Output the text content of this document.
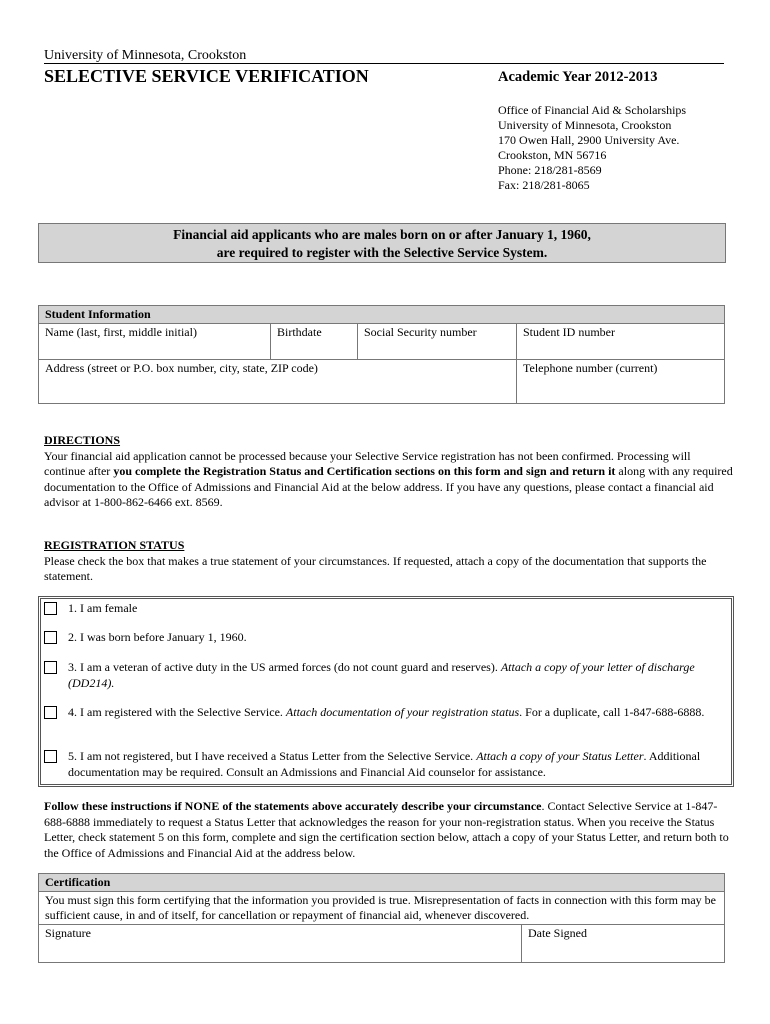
University of Minnesota, Crookston
SELECTIVE SERVICE VERIFICATION	Academic Year 2012-2013
Office of Financial Aid & Scholarships
University of Minnesota, Crookston
170 Owen Hall, 2900 University Ave.
Crookston, MN 56716
Phone: 218/281-8569
Fax: 218/281-8065
Financial aid applicants who are males born on or after January 1, 1960,
are required to register with the Selective Service System.
Student Information			
Name (last, first, middle initial)	Birthdate	Social Security number	Student ID number
Address (street or P.O. box number, city, state, ZIP code)			Telephone number (current)
DIRECTIONS
Your financial aid application cannot be processed because your Selective Service registration has not been confirmed. Processing will continue after you complete the Registration Status and Certification sections on this form and sign and return it along with any required documentation to the Office of Admissions and Financial Aid at the below address. If you have any questions, please contact a financial aid advisor at 1-800-862-6466 ext. 8569.
REGISTRATION STATUS
Please check the box that makes a true statement of your circumstances. If requested, attach a copy of the documentation that supports the statement.
1. I am female
2. I was born before January 1, 1960.
3. I am a veteran of active duty in the US armed forces (do not count guard and reserves). Attach a copy of your letter of discharge (DD214).
4. I am registered with the Selective Service. Attach documentation of your registration status. For a duplicate, call 1-847-688-6888.
5. I am not registered, but I have received a Status Letter from the Selective Service. Attach a copy of your Status Letter. Additional documentation may be required. Consult an Admissions and Financial Aid counselor for assistance.
Follow these instructions if NONE of the statements above accurately describe your circumstance. Contact Selective Service at 1-847-688-6888 immediately to request a Status Letter that acknowledges the reason for your non-registration status. When you receive the Status Letter, check statement 5 on this form, complete and sign the certification section below, attach a copy of your Status Letter, and return both to the Office of Admissions and Financial Aid at the address below.
Certification
You must sign this form certifying that the information you provided is true. Misrepresentation of facts in connection with this form may be sufficient cause, in and of itself, for cancellation or repayment of financial aid, whenever discovered.
Signature	Date Signed
